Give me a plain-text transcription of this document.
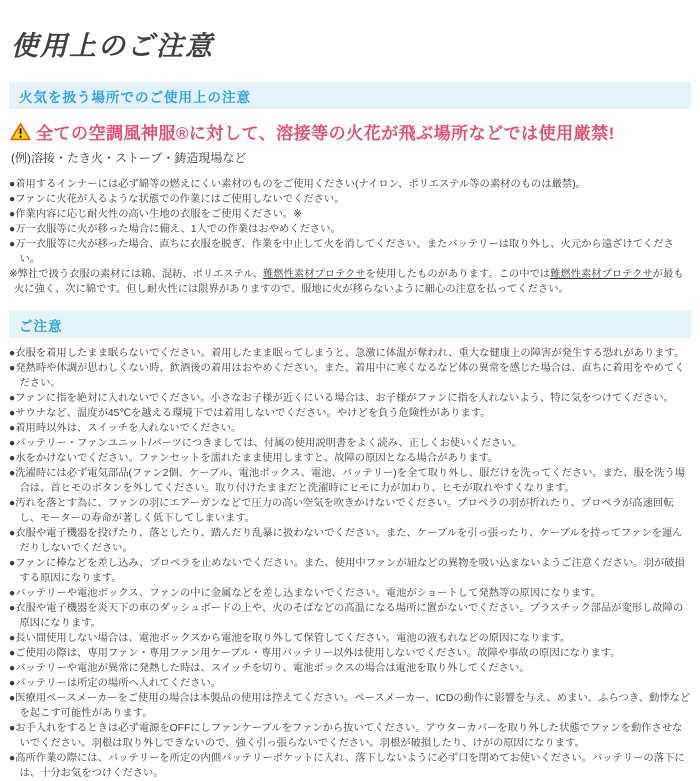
使用上のご注意
火気を扱う場所でのご使用上の注意
全ての空調風神服®に対して、溶接等の火花が飛ぶ場所などでは使用厳禁!
(例)溶接・たき火・ストーブ・鋳造現場など
●着用するインナーには必ず綿等の燃えにくい素材のものをご使用ください(ナイロン、ポリエステル等の素材のものは厳禁)。
●ファンに火花が入るような状態での作業にはご使用しないでください。
●作業内容に応じ耐火性の高い生地の衣服をご使用ください。※
●万一衣服等に火が移った場合に備え、1人での作業はおやめください。
●万一衣服等に火が移った場合、直ちに衣服を脱ぎ、作業を中止して火を消してください。またバッテリーは取り外し、火元から遠ざけてください。
※弊社で扱う衣服の素材には綿、混紡、ポリエステル、難燃性素材プロテクサを使用したものがあります。この中では難燃性素材プロテクサが最も火に強く、次に綿です。但し耐火性には限界がありますので、服地に火が移らないように細心の注意を払ってください。
ご注意
●衣服を着用したまま眠らないでください。着用したまま眠ってしまうと、急激に体温が奪われ、重大な健康上の障害が発生する恐れがあります。
●発熱時や体調が思わしくない時、飲酒後の着用はおやめください。また、着用中に寒くなるなど体の異常を感じた場合は、直ちに着用をやめてください。
●ファンに指を絶対に入れないでください。小さなお子様が近くにいる場合は、お子様がファンに指を入れないよう、特に気をつけてください。
●サウナなど、温度が45℃を越える環境下では着用しないでください。やけどを負う危険性があります。
●着用時以外は、スイッチを入れないでください。
●バッテリー・ファンユニット/パーツにつきましては、付属の使用説明書をよく読み、正しくお使いください。
●水をかけないでください。ファンセットを濡れたまま使用しますと、故障の原因となる場合があります。
●洗濯時には必ず電気部品(ファン2個、ケーブル、電池ボックス、電池、バッテリー)を全て取り外し、服だけを洗ってください。また、服を洗う場合は、首ヒモのボタンを外してください。取り付けたままだと洗濯時にヒモに力が加わり、ヒモが取れやすくなります。
●汚れを落とす為に、ファンの羽にエアーガンなどで圧力の高い空気を吹きかけないでください。プロペラの羽が折れたり、プロペラが高速回転し、モーターの寿命が著しく低下してしまいます。
●衣服や電子機器を投げたり、落としたり、踏んだり乱暴に扱わないでください。また、ケーブルを引っ張ったり、ケーブルを持ってファンを運んだりしないでください。
●ファンに棒などを差し込み、プロペラを止めないでください。また、使用中ファンが紐などの異物を吸い込まないようご注意ください。羽が破損する原因になります。
●バッテリーや電池ボックス、ファンの中に金属などを差し込まないでください。電池がショートして発熱等の原因になります。
●衣服や電子機器を炎天下の車のダッシュボードの上や、火のそばなどの高温になる場所に置かないでください。プラスチック部品が変形し故障の原因になります。
●長い間使用しない場合は、電池ボックスから電池を取り外して保管してください。電池の液もれなどの原因になります。
●ご使用の際は、専用ファン・専用ファン用ケーブル・専用バッテリー以外は使用しないでください。故障や事故の原因になります。
●バッテリーや電池が異常に発熱した時は、スイッチを切り、電池ボックスの場合は電池を取り外してください。
●バッテリーは所定の場所へ入れてください。
●医療用ペースメーカーをご使用の場合は本製品の使用は控えてください。ペースメーカー、ICDの動作に影響を与え、めまい、ふらつき、動悸などを起こす可能性があります。
●お手入れをするときは必ず電源をOFFにしファンケーブルをファンから抜いてください。アウターカバーを取り外した状態でファンを動作させないでください。羽根は取り外しできないので、強く引っ張らないでください。羽根が破損したり、けがの原因になります。
●高所作業の際には、バッテリーを所定の内側バッテリーポケットに入れ、落下しないように必ず口を閉めてお使いください。バッテリーの落下には、十分お気をつけください。
